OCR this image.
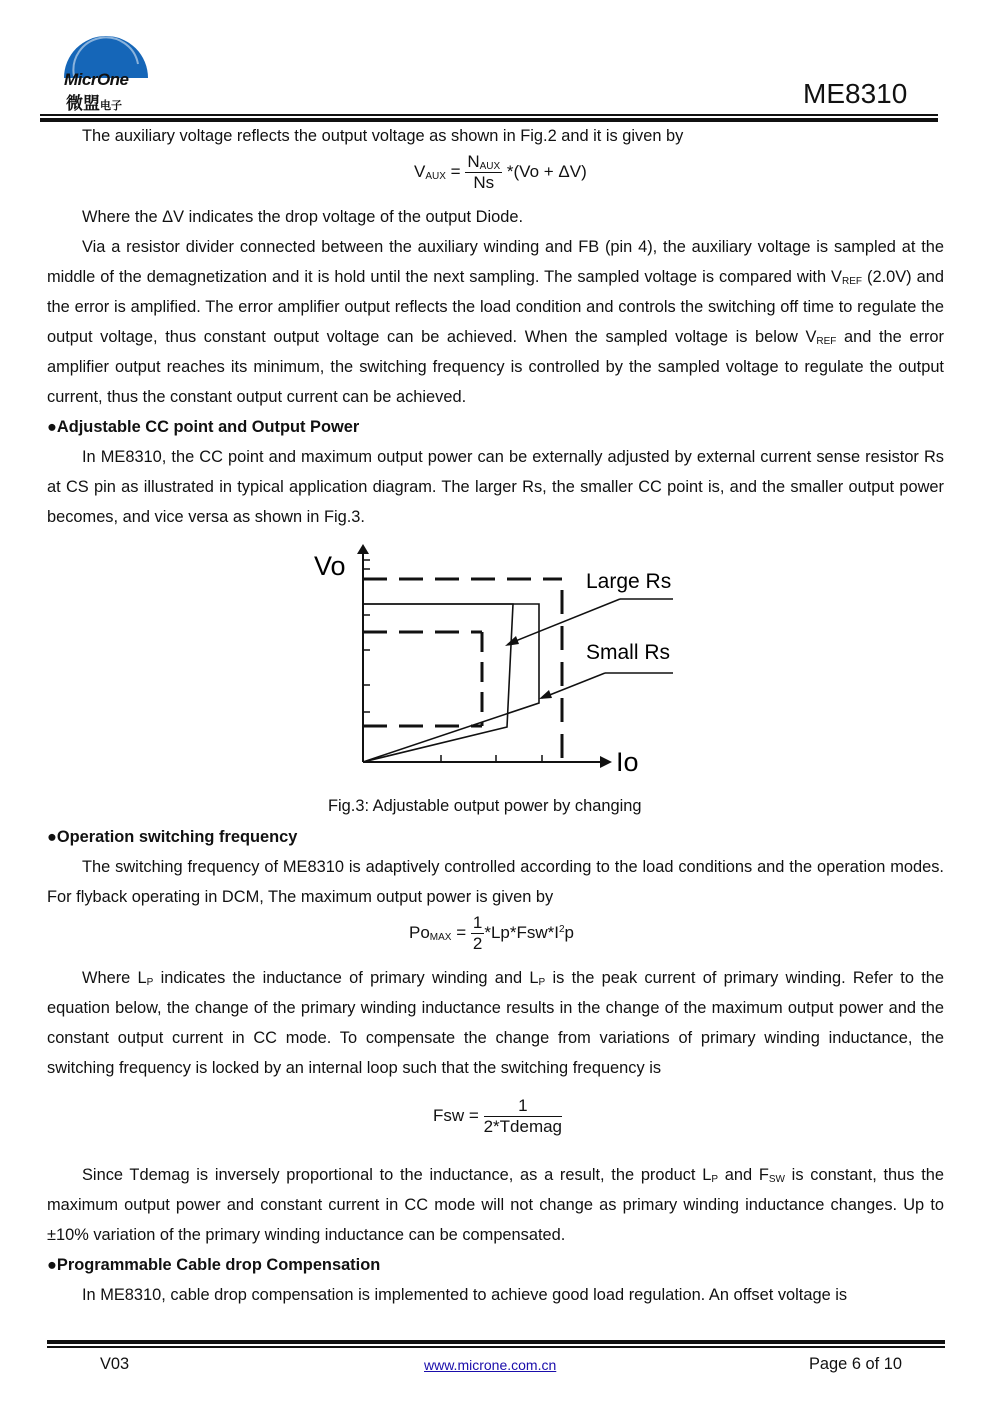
MicrOne
微盟电子	ME8310
The auxiliary voltage reflects the output voltage as shown in Fig.2 and it is given by
$V_{AUX} = \frac{N_{AUX}}{Ns} *(Vo + \Delta V)$
Where the ΔV indicates the drop voltage of the output Diode.
Via a resistor divider connected between the auxiliary winding and FB (pin 4), the auxiliary voltage is sampled at the middle of the demagnetization and it is hold until the next sampling. The sampled voltage is compared with $V_{REF}$ (2.0V) and the error is amplified. The error amplifier output reflects the load condition and controls the switching off time to regulate the output voltage, thus constant output voltage can be achieved. When the sampled voltage is below $V_{REF}$ and the error amplifier output reaches its minimum, the switching frequency is controlled by the sampled voltage to regulate the output current, thus the constant output current can be achieved.
●Adjustable CC point and Output Power
In ME8310, the CC point and maximum output power can be externally adjusted by external current sense resistor Rs at CS pin as illustrated in typical application diagram. The larger Rs, the smaller CC point is, and the smaller output power becomes, and vice versa as shown in Fig.3.
Vo
Io
Large Rs
Small Rs
Fig.3: Adjustable output power by changing
●Operation switching frequency
The switching frequency of ME8310 is adaptively controlled according to the load conditions and the operation modes. For flyback operating in DCM, The maximum output power is given by
$Po_{MAX} = \frac{1}{2} *Lp*Fsw*I^2p$
Where $L_P$ indicates the inductance of primary winding and $L_P$ is the peak current of primary winding. Refer to the equation below, the change of the primary winding inductance results in the change of the maximum output power and the constant output current in CC mode. To compensate the change from variations of primary winding inductance, the switching frequency is locked by an internal loop such that the switching frequency is
Fsw = $\frac{1}{\text{2*Tdemag}}$
Since Tdemag is inversely proportional to the inductance, as a result, the product $L_P$ and $F_{SW}$ is constant, thus the maximum output power and constant current in CC mode will not change as primary winding inductance changes. Up to ±10% variation of the primary winding inductance can be compensated.
●Programmable Cable drop Compensation
In ME8310, cable drop compensation is implemented to achieve good load regulation. An offset voltage is
V03	www.microne.com.cn	Page 6 of 10
